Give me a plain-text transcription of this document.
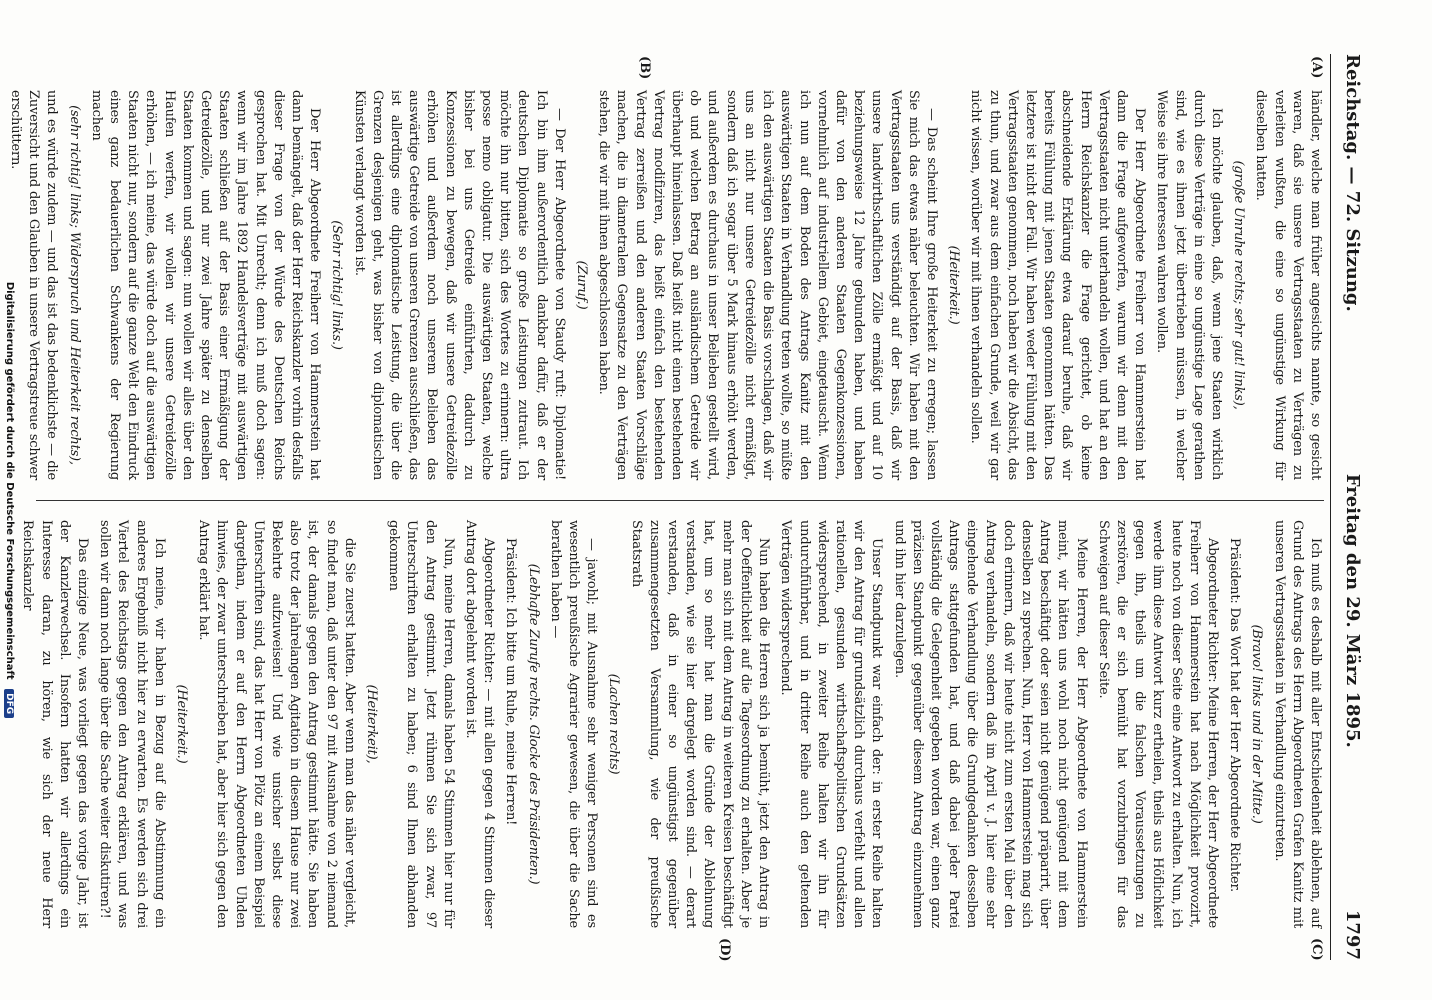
Reichstag. — 72. Sitzung.
Freitag den 29. März 1895.
1797
(A)
(B)
(C)
(D)

händler, welche man früher angesichts nannte, so gesicht waren, daß sie unsere Vertragsstaaten zu Verträgen zu verleiten wußten, die eine so ungünstige Wirkung für dieselben hatten.

(große Unruhe rechts; sehr gut! links),

Ich möchte glauben, daß, wenn jene Staaten wirklich durch diese Verträge in eine so ungünstige Lage gerathen sind, wie es ihnen jetzt übertrieben müssen, in welcher Weise sie ihre Interessen wahren wollen.

Der Herr Abgeordnete Freiherr von Hammerstein hat dann die Frage aufgeworfen, warum wir denn mit den Vertragsstaaten nicht unterhandeln wollen, und hat an den Herrn Reichskanzler die Frage gerichtet, ob keine abschneidende Erklärung etwa darauf beruhe, daß wir bereits Fühlung mit jenen Staaten genommen hätten. Das letztere ist nicht der Fall. Wir haben weder Fühlung mit den Vertragsstaaten genommen, noch haben wir die Absicht, das zu thun, und zwar aus dem einfachen Grunde, weil wir gar nicht wissen, worüber wir mit ihnen verhandeln sollen.

(Heiterkeit.)

— Das scheint Ihre große Heiterkeit zu erregen; lassen Sie mich das etwas näher beleuchten. Wir haben mit den Vertragsstaaten uns verständigt auf der Basis, daß wir unsere landwirthschaftlichen Zölle ermäßigt und auf 10 beziehungsweise 12 Jahre gebunden haben, und haben dafür von den anderen Staaten Gegenkonzessionen, vornehmlich auf industriellem Gebiet, eingetauscht. Wenn ich nun auf dem Boden des Antrags Kanitz mit den auswärtigen Staaten in Verhandlung treten wollte, so müßte ich den auswärtigen Staaten die Basis vorschlagen, daß wir uns an nicht nur unsere Getreidezölle nicht ermäßigt, sondern daß ich sogar über 5 Mark hinaus erhöht werden, und außerdem es durchaus in unser Belieben gestellt wird, ob und welchen Betrag an ausländischem Getreide wir überhaupt hineinlassen. Daß heißt nicht einen bestehenden Vertrag modifiziren, das heißt einfach den bestehenden Vertrag zerreißen und den anderen Staaten Vorschläge machen, die in diametralem Gegensatze zu den Verträgen stehen, die wir mit ihnen abgeschlossen haben.

(Zuruf.)

— Der Herr Abgeordnete von Staudy ruft: Diplomatie! Ich bin ihm außerordentlich dankbar dafür, daß er der deutschen Diplomatie so große Leistungen zutraut. Ich möchte ihn nur bitten, sich des Wortes zu erinnern: ultra posse nemo obligatur. Die auswärtigen Staaten, welche bisher bei uns Getreide einführten, dadurch zu Konzessionen zu bewegen, daß wir unsere Getreidezölle erhöhen und außerdem noch unserem Belieben das auswärtige Getreide von unseren Grenzen ausschließen, das ist allerdings eine diplomatische Leistung, die über die Grenzen desjenigen geht, was bisher von diplomatischen Künsten verlangt worden ist.

(Sehr richtig! links.)

Der Herr Abgeordnete Freiherr von Hammerstein hat dann bemängelt, daß der Herr Reichskanzler vorhin desfalls dieser Frage von der Würde des Deutschen Reichs gesprochen hat. Mit Unrecht; denn ich muß doch sagen: wenn wir im Jahre 1892 Handelsverträge mit auswärtigen Staaten schließen auf der Basis einer Ermäßigung der Getreidezölle, und nur zwei Jahre später zu denselben Staaten kommen und sagen: nun wollen wir alles über den Haufen werfen, wir wollen wir unsere Getreidezölle erhöhen, — ich meine, das würde doch auf die auswärtigen Staaten nicht nur, sondern auf die ganze Welt den Eindruck eines ganz bedauerlichen Schwankens der Regierung machen

(sehr richtig! links; Widerspruch und Heiterkeit rechts),

und es würde zudem — und das ist das bedenklichste — die Zuversicht und den Glauben in unsere Vertragstreue schwer erschüttern.

Ich muß es deshalb mit aller Entschiedenheit ablehnen, auf Grund des Antrags des Herrn Abgeordneten Grafen Kanitz mit unseren Vertragsstaaten in Verhandlung einzutreten.

(Bravo! links und in der Mitte.)

Präsident: Das Wort hat der Herr Abgeordnete Richter.

Abgeordneter Richter: Meine Herren, der Herr Abgeordnete Freiherr von Hammerstein hat nach Möglichkeit provozirt, heute noch von dieser Seite eine Antwort zu erhalten. Nun, ich werde ihm diese Antwort kurz ertheilen, theils aus Höflichkeit gegen ihn, theils um die falschen Voraussetzungen zu zerstören, die er sich bemüht hat vorzubringen für das Schweigen auf dieser Seite.

Meine Herren, der Herr Abgeordnete von Hammerstein meint, wir hätten uns wohl noch nicht genügend mit dem Antrag beschäftigt oder seien nicht genügend präparirt, über denselben zu sprechen. Nun, Herr von Hammerstein mag sich doch erinnern, daß wir heute nicht zum ersten Mal über den Antrag verhandeln, sondern daß im April v. J. hier eine sehr eingehende Verhandlung über die Grundgedanken desselben Antrags stattgefunden hat, und daß dabei jeder Partei vollständig die Gelegenheit gegeben worden war, einen ganz präzisen Standpunkt gegenüber diesem Antrag einzunehmen und ihn hier darzulegen.

Unser Standpunkt war einfach der: in erster Reihe halten wir den Antrag für grundsätzlich durchaus verfehlt und allen rationellen, gesunden wirthschaftspolitischen Grundsätzen widersprechend, in zweiter Reihe halten wir ihn für undurchführbar, und in dritter Reihe auch den geltenden Verträgen widersprechend.

Nun haben die Herren sich ja bemüht, jetzt den Antrag in der Oeffentlichkeit auf die Tagesordnung zu erhalten. Aber je mehr man sich mit dem Antrag in weiteren Kreisen beschäftigt hat, um so mehr hat man die Gründe der Ablehnung verstanden, wie sie hier dargelegt worden sind. — derart verstanden, daß in einer so ungünstigst gegenüber zusammengesetzten Versammlung, wie der preußische Staatsrath

(Lachen rechts)

— jawohl; mit Ausnahme sehr weniger Personen sind es wesentlich preußische Agrarier gewesen, die über die Sache berathen haben —

(Lebhafte Zurufe rechts. Glocke des Präsidenten.)

Präsident: Ich bitte um Ruhe, meine Herren!

Abgeordneter Richter: — mit allen gegen 4 Stimmen dieser Antrag dort abgelehnt worden ist.

Nun, meine Herren, damals haben 54 Stimmen hier nur für den Antrag gestimmt. Jetzt rühmen Sie sich zwar, 97 Unterschriften erhalten zu haben; 6 sind Ihnen abhanden gekommen

(Heiterkeit),

die Sie zuerst hatten. Aber wenn man das näher vergleicht, so findet man, daß unter den 97 mit Ausnahme von 2 niemand ist, der damals gegen den Antrag gestimmt hätte. Sie haben also trotz der jahrelangen Agitation in diesem Hause nur zwei Bekehrte aufzuweisen! Und wie unsicher selbst diese Unterschriften sind, das hat Herr von Plötz an einem Beispiel dargethan, indem er auf den Herrn Abgeordneten Uhden hinwies, der zwar unterschrieben hat, aber hier sich gegen den Antrag erklärt hat.

(Heiterkeit.)

Ich meine, wir haben in Bezug auf die Abstimmung ein anderes Ergebniß nicht hier zu erwarten. Es werden sich drei Viertel des Reichstags gegen den Antrag erklären, und was sollen wir dann noch lange über die Sache weiter diskutiren?!

Das einzige Neue, was vorliegt gegen das vorige Jahr, ist der Kanzlerwechsel. Insofern hatten wir allerdings ein Interesse daran, zu hören, wie sich der neue Herr Reichskanzler

Digitalisierung gefördert durch die Deutsche Forschungsgemeinschaft DFG
